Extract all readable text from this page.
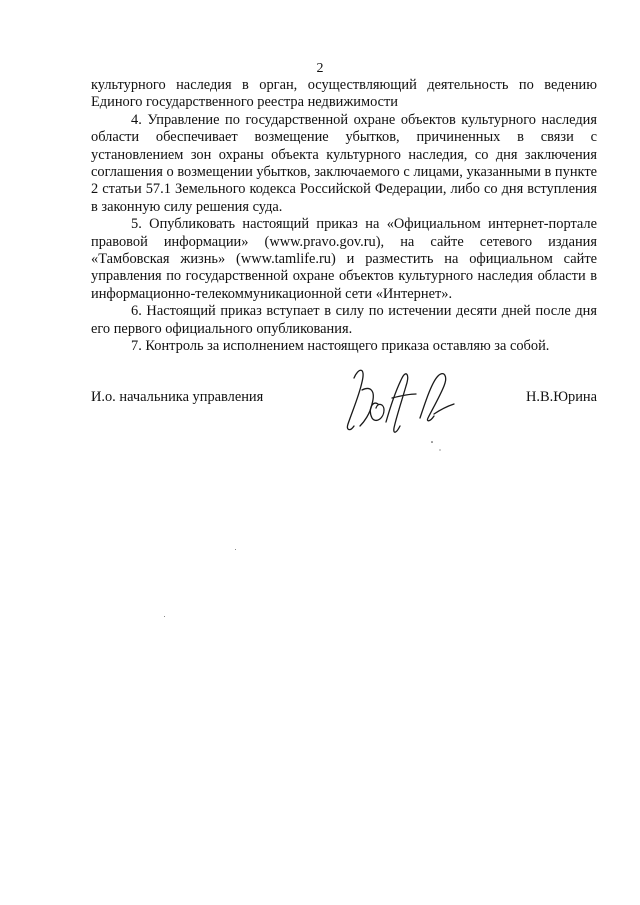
2

культурного наследия в орган, осуществляющий деятельность по ведению Единого государственного реестра недвижимости

4. Управление по государственной охране объектов культурного наследия области обеспечивает возмещение убытков, причиненных в связи с установлением зон охраны объекта культурного наследия, со дня заключения соглашения о возмещении убытков, заключаемого с лицами, указанными в пункте 2 статьи 57.1 Земельного кодекса Российской Федерации, либо со дня вступления в законную силу решения суда.

5. Опубликовать настоящий приказ на «Официальном интернет-портале правовой информации» (www.pravo.gov.ru), на сайте сетевого издания «Тамбовская жизнь» (www.tamlife.ru) и разместить на официальном сайте управления по государственной охране объектов культурного наследия области в информационно-телекоммуникационной сети «Интернет».

6. Настоящий приказ вступает в силу по истечении десяти дней после дня его первого официального опубликования.

7. Контроль за исполнением настоящего приказа оставляю за собой.

И.о. начальника управления	Н.В.Юрина
